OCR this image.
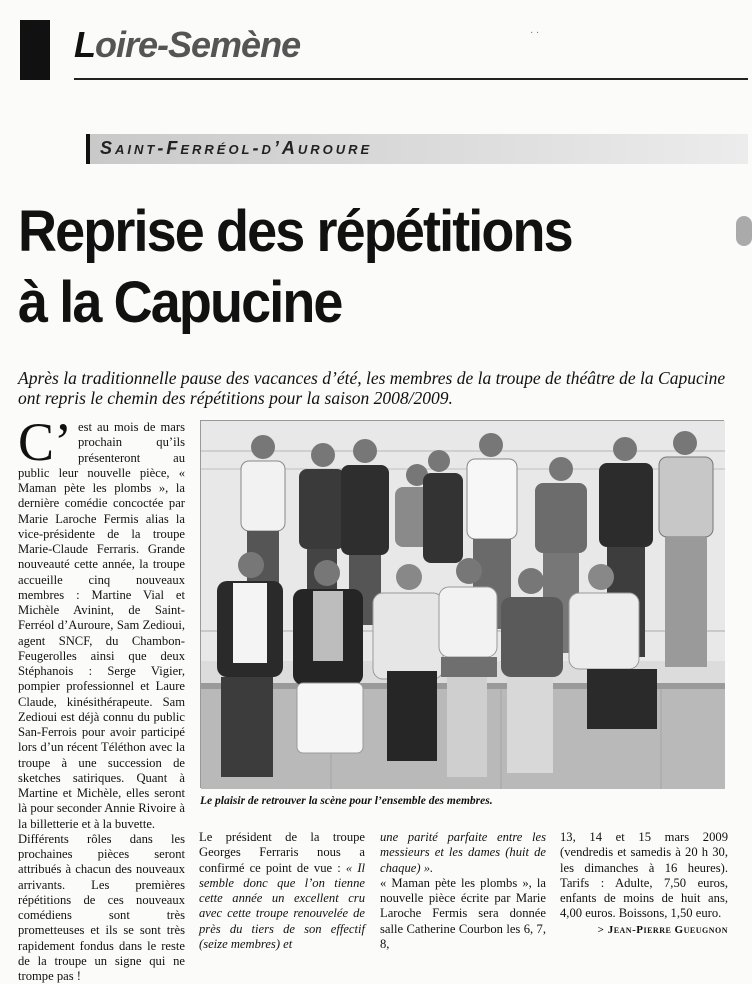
Loire-Semène	· ·
Saint-Ferréol-d’Auroure
Reprise des répétitions
à la Capucine
Après la traditionnelle pause des vacances d’été, les membres de la troupe de théâtre de la Capucine ont repris le chemin des répétitions pour la saison 2008/2009.
C’ est au mois de mars prochain qu’ils présenteront au public leur nouvelle pièce, « Maman pète les plombs », la dernière comédie concoctée par Marie Laroche Fermis alias la vice-présidente de la troupe Marie-Claude Ferraris. Grande nouveauté cette année, la troupe accueille cinq nouveaux membres : Martine Vial et Michèle Avinint, de Saint-Ferréol d’Auroure, Sam Zedioui, agent SNCF, du Chambon-Feugerolles ainsi que deux Stéphanois : Serge Vigier, pompier professionnel et Laure Claude, kinésithérapeute. Sam Zedioui est déjà connu du public San-Ferrois pour avoir participé lors d’un récent Téléthon avec la troupe à une succession de sketches satiriques. Quant à Martine et Michèle, elles seront là pour seconder Annie Rivoire à la billetterie et à la buvette.
Différents rôles dans les prochaines pièces seront attribués à chacun des nouveaux arrivants. Les premières répétitions de ces nouveaux comédiens sont très prometteuses et ils se sont très rapidement fondus dans le reste de la troupe un signe qui ne trompe pas !
Le plaisir de retrouver la scène pour l’ensemble des membres.
Le président de la troupe Georges Ferraris nous a confirmé ce point de vue : « Il semble donc que l’on tienne cette année un excellent cru avec cette troupe renouvelée de près du tiers de son effectif (seize membres) et
une parité parfaite entre les messieurs et les dames (huit de chaque) ».
« Maman pète les plombs », la nouvelle pièce écrite par Marie Laroche Fermis sera donnée salle Catherine Courbon les 6, 7, 8,
13, 14 et 15 mars 2009 (vendredis et samedis à 20 h 30, les dimanches à 16 heures). Tarifs : Adulte, 7,50 euros, enfants de moins de huit ans, 4,00 euros. Boissons, 1,50 euro.
> Jean-Pierre Gueugnon
